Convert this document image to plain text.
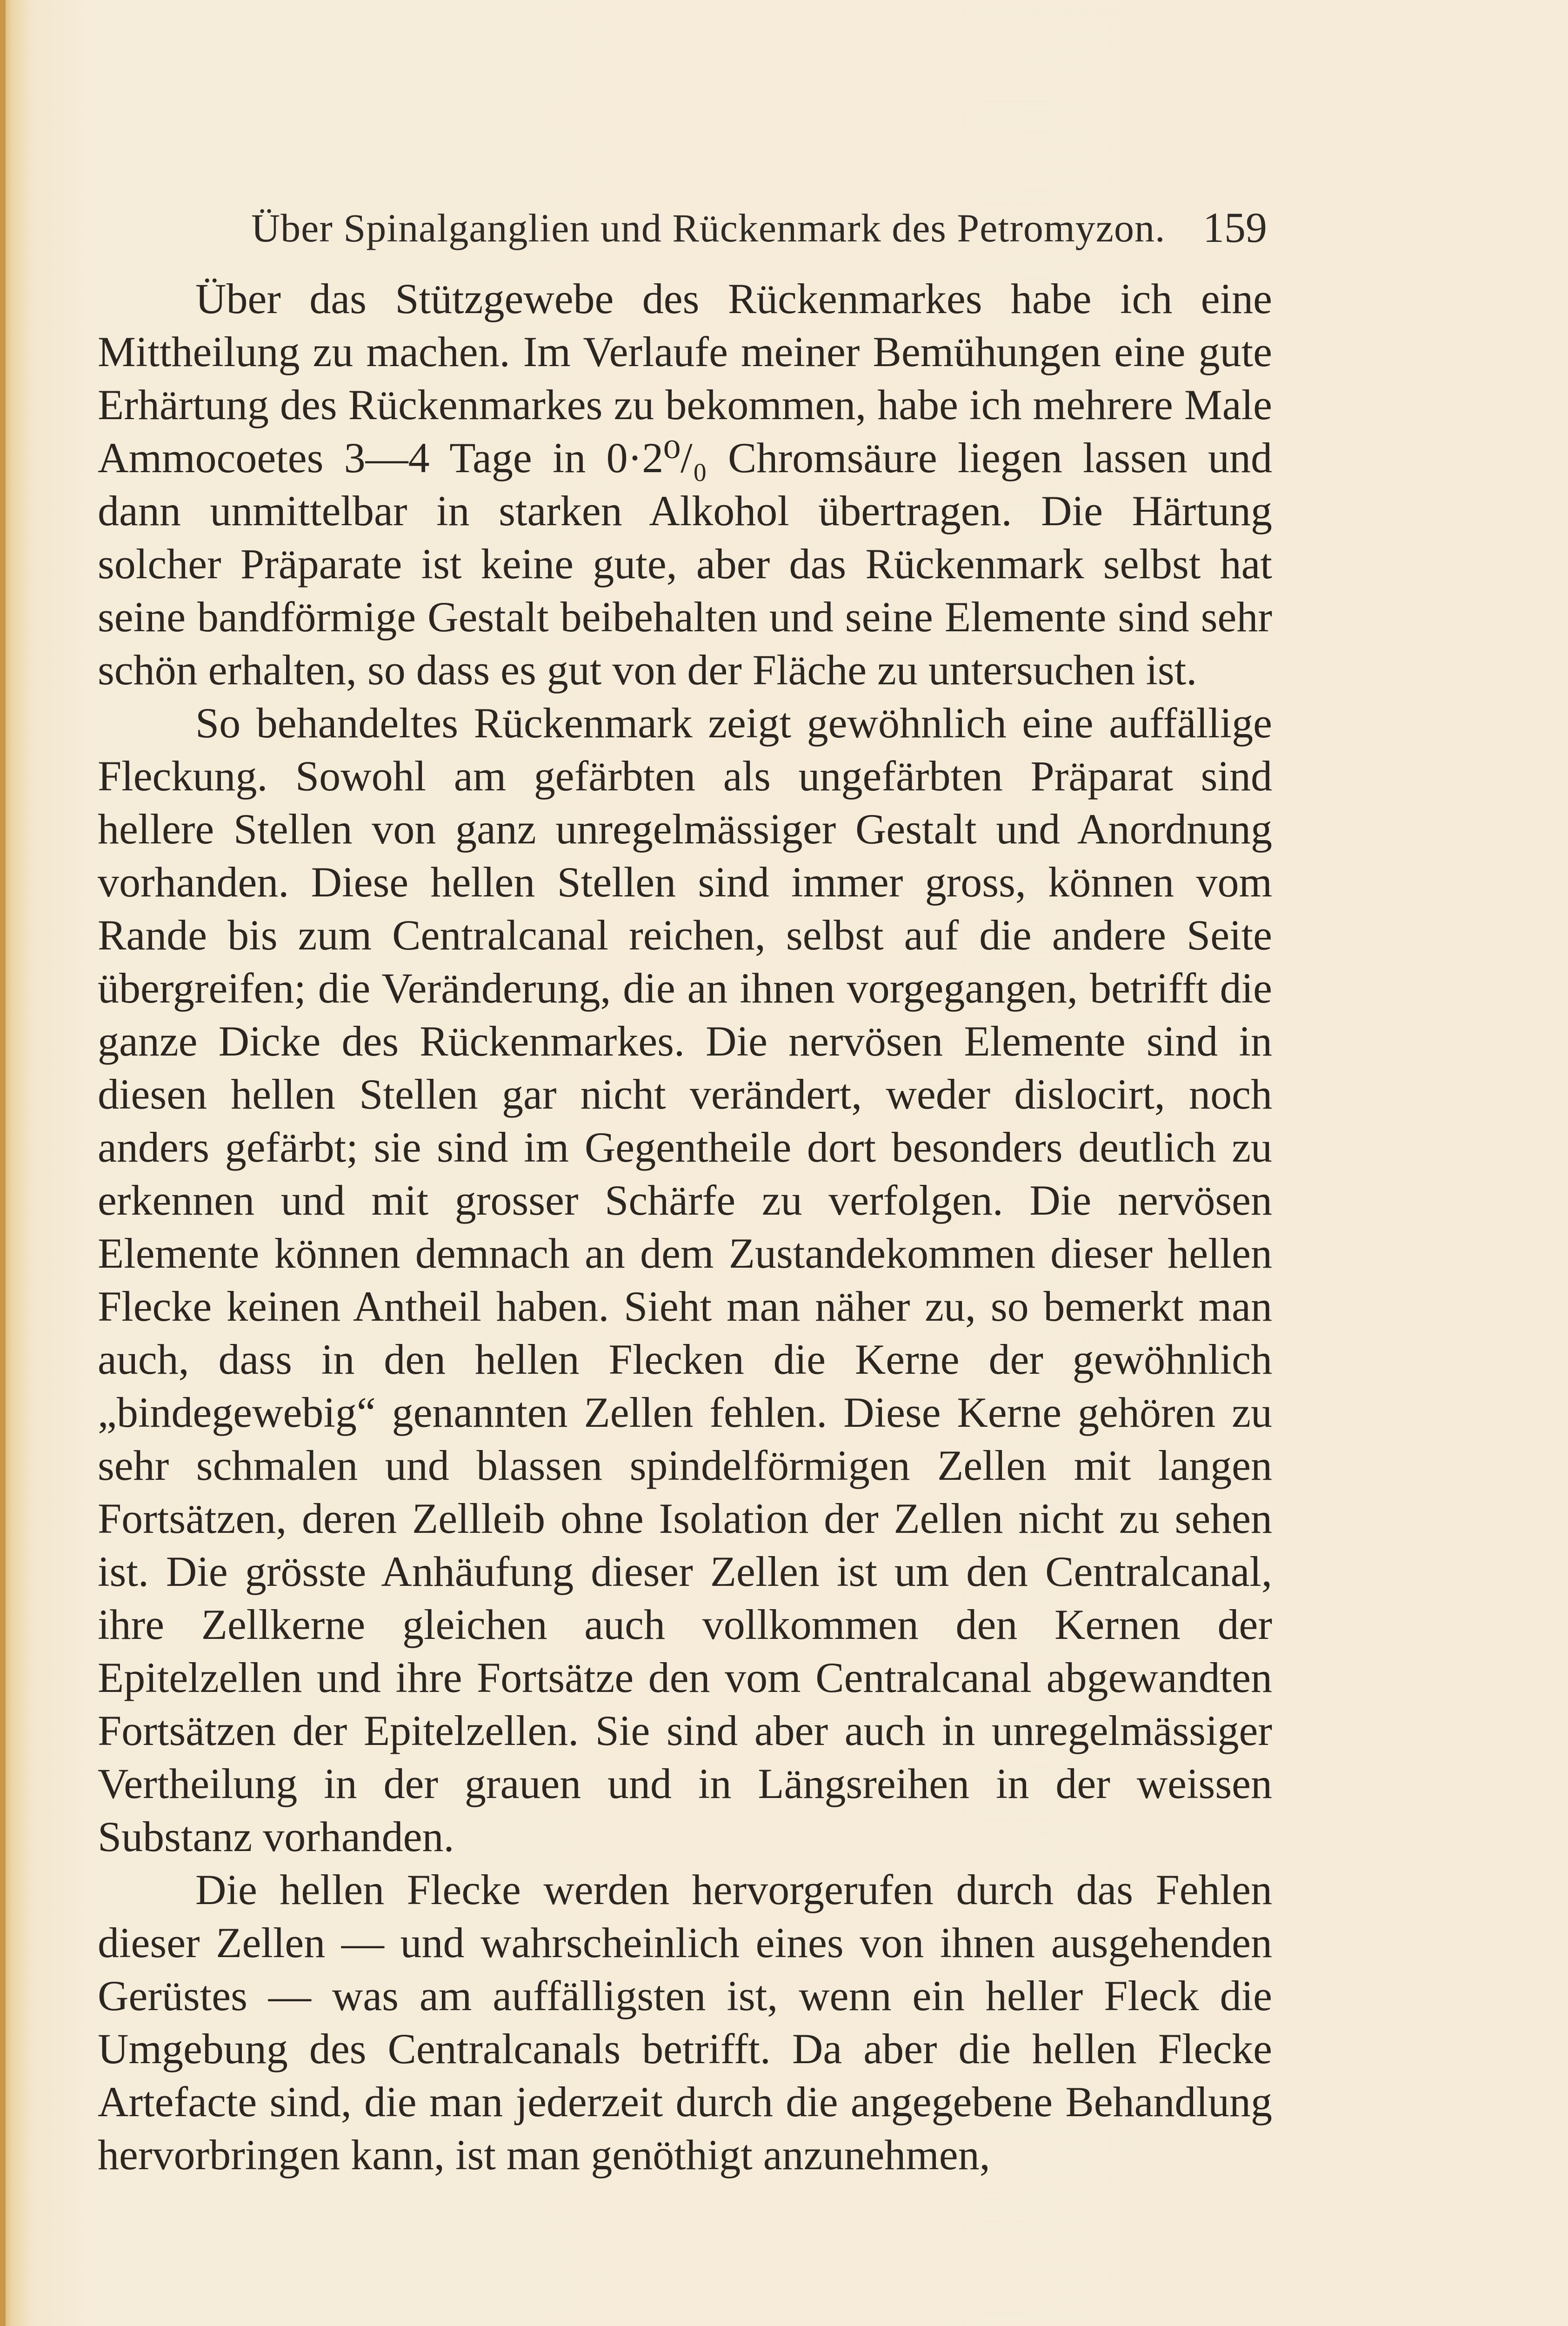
Über Spinalganglien und Rückenmark des Petromyzon. 159

Über das Stützgewebe des Rückenmarkes habe ich eine Mittheilung zu machen. Im Verlaufe meiner Bemühungen eine gute Erhärtung des Rückenmarkes zu bekommen, habe ich mehrere Male Ammocoetes 3—4 Tage in 0·2⁰/₀ Chromsäure liegen lassen und dann unmittelbar in starken Alkohol übertragen. Die Härtung solcher Präparate ist keine gute, aber das Rückenmark selbst hat seine bandförmige Gestalt beibehalten und seine Elemente sind sehr schön erhalten, so dass es gut von der Fläche zu untersuchen ist.

So behandeltes Rückenmark zeigt gewöhnlich eine auffällige Fleckung. Sowohl am gefärbten als ungefärbten Präparat sind hellere Stellen von ganz unregelmässiger Gestalt und Anordnung vorhanden. Diese hellen Stellen sind immer gross, können vom Rande bis zum Centralcanal reichen, selbst auf die andere Seite übergreifen; die Veränderung, die an ihnen vorgegangen, betrifft die ganze Dicke des Rückenmarkes. Die nervösen Elemente sind in diesen hellen Stellen gar nicht verändert, weder dislocirt, noch anders gefärbt; sie sind im Gegentheile dort besonders deutlich zu erkennen und mit grosser Schärfe zu verfolgen. Die nervösen Elemente können demnach an dem Zustandekommen dieser hellen Flecke keinen Antheil haben. Sieht man näher zu, so bemerkt man auch, dass in den hellen Flecken die Kerne der gewöhnlich „bindegewebig“ genannten Zellen fehlen. Diese Kerne gehören zu sehr schmalen und blassen spindelförmigen Zellen mit langen Fortsätzen, deren Zellleib ohne Isolation der Zellen nicht zu sehen ist. Die grösste Anhäufung dieser Zellen ist um den Centralcanal, ihre Zellkerne gleichen auch vollkommen den Kernen der Epitelzellen und ihre Fortsätze den vom Centralcanal abgewandten Fortsätzen der Epitelzellen. Sie sind aber auch in unregelmässiger Vertheilung in der grauen und in Längsreihen in der weissen Substanz vorhanden.

Die hellen Flecke werden hervorgerufen durch das Fehlen dieser Zellen — und wahrscheinlich eines von ihnen ausgehenden Gerüstes — was am auffälligsten ist, wenn ein heller Fleck die Umgebung des Centralcanals betrifft. Da aber die hellen Flecke Artefacte sind, die man jederzeit durch die angegebene Behandlung hervorbringen kann, ist man genöthigt anzunehmen,
